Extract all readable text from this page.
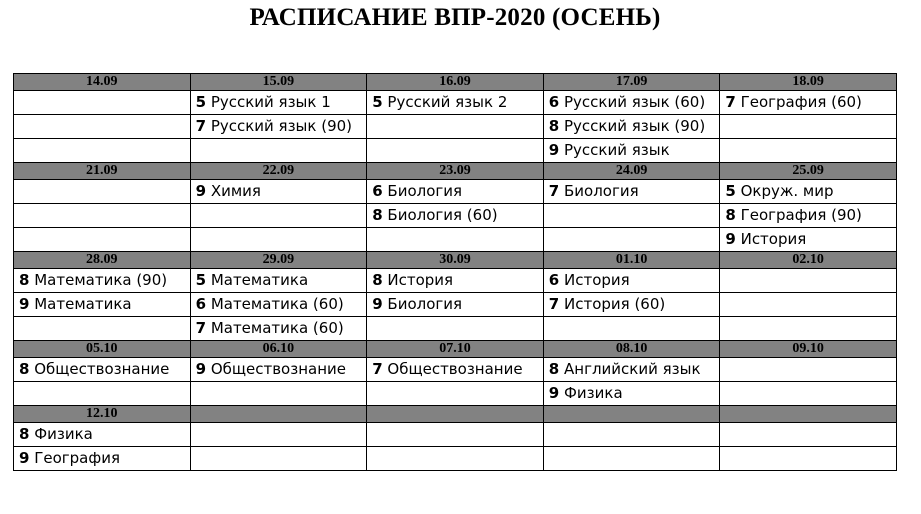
РАСПИСАНИЕ ВПР-2020 (ОСЕНЬ)
14.09	15.09	16.09	17.09	18.09
	5 Русский язык 1	5 Русский язык 2	6 Русский язык (60)	7 География (60)
	7 Русский язык (90)		8 Русский язык (90)	
			9 Русский язык	
21.09	22.09	23.09	24.09	25.09
	9 Химия	6 Биология	7 Биология	5 Окруж. мир
		8 Биология (60)		8 География (90)
				9 История
28.09	29.09	30.09	01.10	02.10
8 Математика (90)	5 Математика	8 История	6 История	
9 Математика	6 Математика (60)	9 Биология	7 История (60)	
	7 Математика (60)			
05.10	06.10	07.10	08.10	09.10
8 Обществознание	9 Обществознание	7 Обществознание	8 Английский язык	
			9 Физика	
12.10				
8 Физика				
9 География				
